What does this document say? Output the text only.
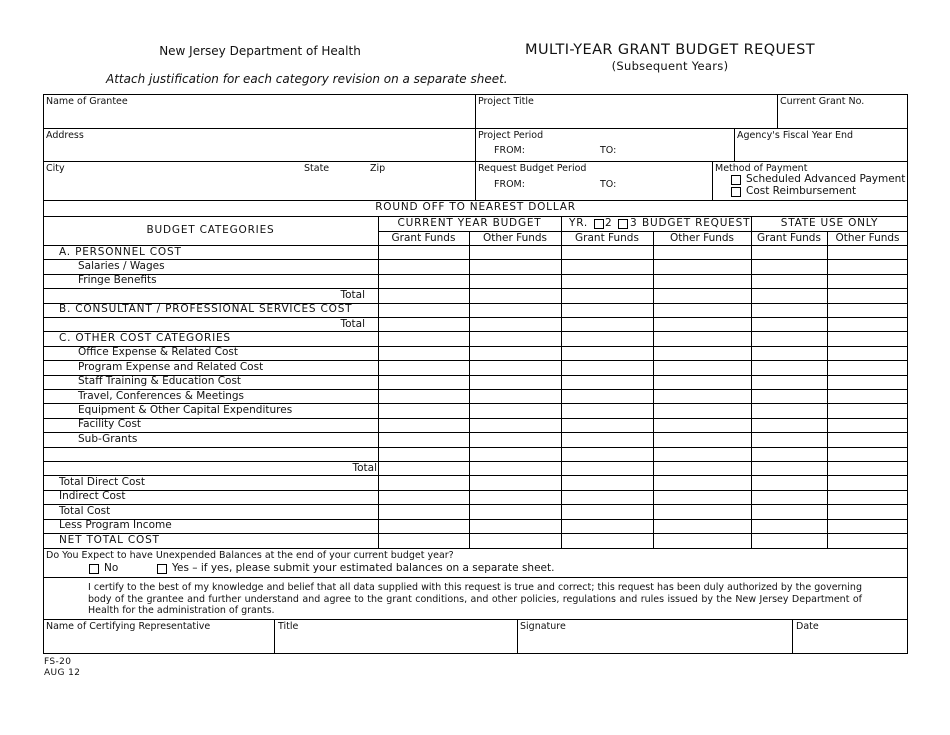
New Jersey Department of Health	MULTI-YEAR GRANT BUDGET REQUEST
(Subsequent Years)
Attach justification for each category revision on a separate sheet.
Name of Grantee	Project Title	Current Grant No.
Address	Project Period
FROM:	TO:
Agency's Fiscal Year End
City	State	Zip	Request Budget Period
FROM:	TO:
Method of Payment
Scheduled Advanced Payment
Cost Reimbursement
ROUND OFF TO NEAREST DOLLAR
BUDGET CATEGORIES
CURRENT YEAR BUDGET	YR. 2 3 BUDGET REQUEST	STATE USE ONLY
Grant Funds	Other Funds	Grant Funds	Other Funds	Grant Funds	Other Funds
A. PERSONNEL COST
Salaries / Wages
Fringe Benefits
Total
B. CONSULTANT / PROFESSIONAL SERVICES COST
Total
C. OTHER COST CATEGORIES
Office Expense & Related Cost
Program Expense and Related Cost
Staff Training & Education Cost
Travel, Conferences & Meetings
Equipment & Other Capital Expenditures
Facility Cost
Sub-Grants
Total
Total Direct Cost
Indirect Cost
Total Cost
Less Program Income
NET TOTAL COST
Do You Expect to have Unexpended Balances at the end of your current budget year?
No	Yes – if yes, please submit your estimated balances on a separate sheet.
I certify to the best of my knowledge and belief that all data supplied with this request is true and correct; this request has been duly authorized by the governing body of the grantee and further understand and agree to the grant conditions, and other policies, regulations and rules issued by the New Jersey Department of Health for the administration of grants.
Name of Certifying Representative	Title	Signature	Date
FS-20
AUG 12
